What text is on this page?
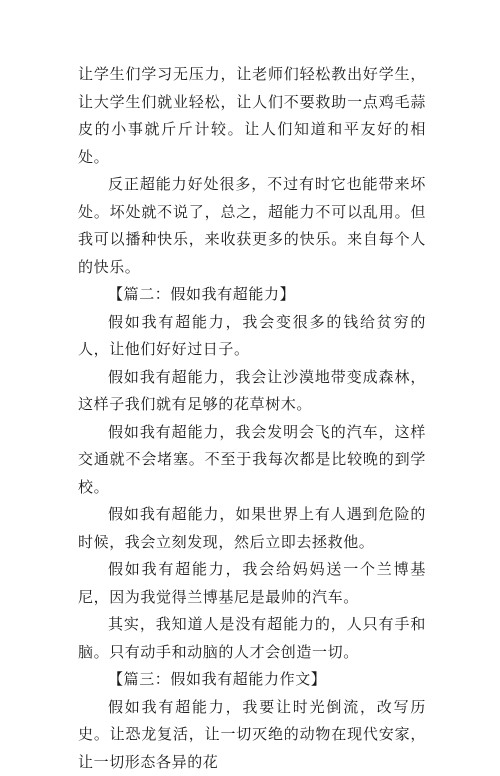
让学生们学习无压力，让老师们轻松教出好学生，让大学生们就业轻松，让人们不要救助一点鸡毛蒜皮的小事就斤斤计较。让人们知道和平友好的相处。

反正超能力好处很多，不过有时它也能带来坏处。坏处就不说了，总之，超能力不可以乱用。但我可以播种快乐，来收获更多的快乐。来自每个人的快乐。

【篇二：假如我有超能力】

假如我有超能力，我会变很多的钱给贫穷的人，让他们好好过日子。

假如我有超能力，我会让沙漠地带变成森林，这样子我们就有足够的花草树木。

假如我有超能力，我会发明会飞的汽车，这样交通就不会堵塞。不至于我每次都是比较晚的到学校。

假如我有超能力，如果世界上有人遇到危险的时候，我会立刻发现，然后立即去拯救他。

假如我有超能力，我会给妈妈送一个兰博基尼，因为我觉得兰博基尼是最帅的汽车。

其实，我知道人是没有超能力的，人只有手和脑。只有动手和动脑的人才会创造一切。

【篇三：假如我有超能力作文】

假如我有超能力，我要让时光倒流，改写历史。让恐龙复活，让一切灭绝的动物在现代安家，让一切形态各异的花
